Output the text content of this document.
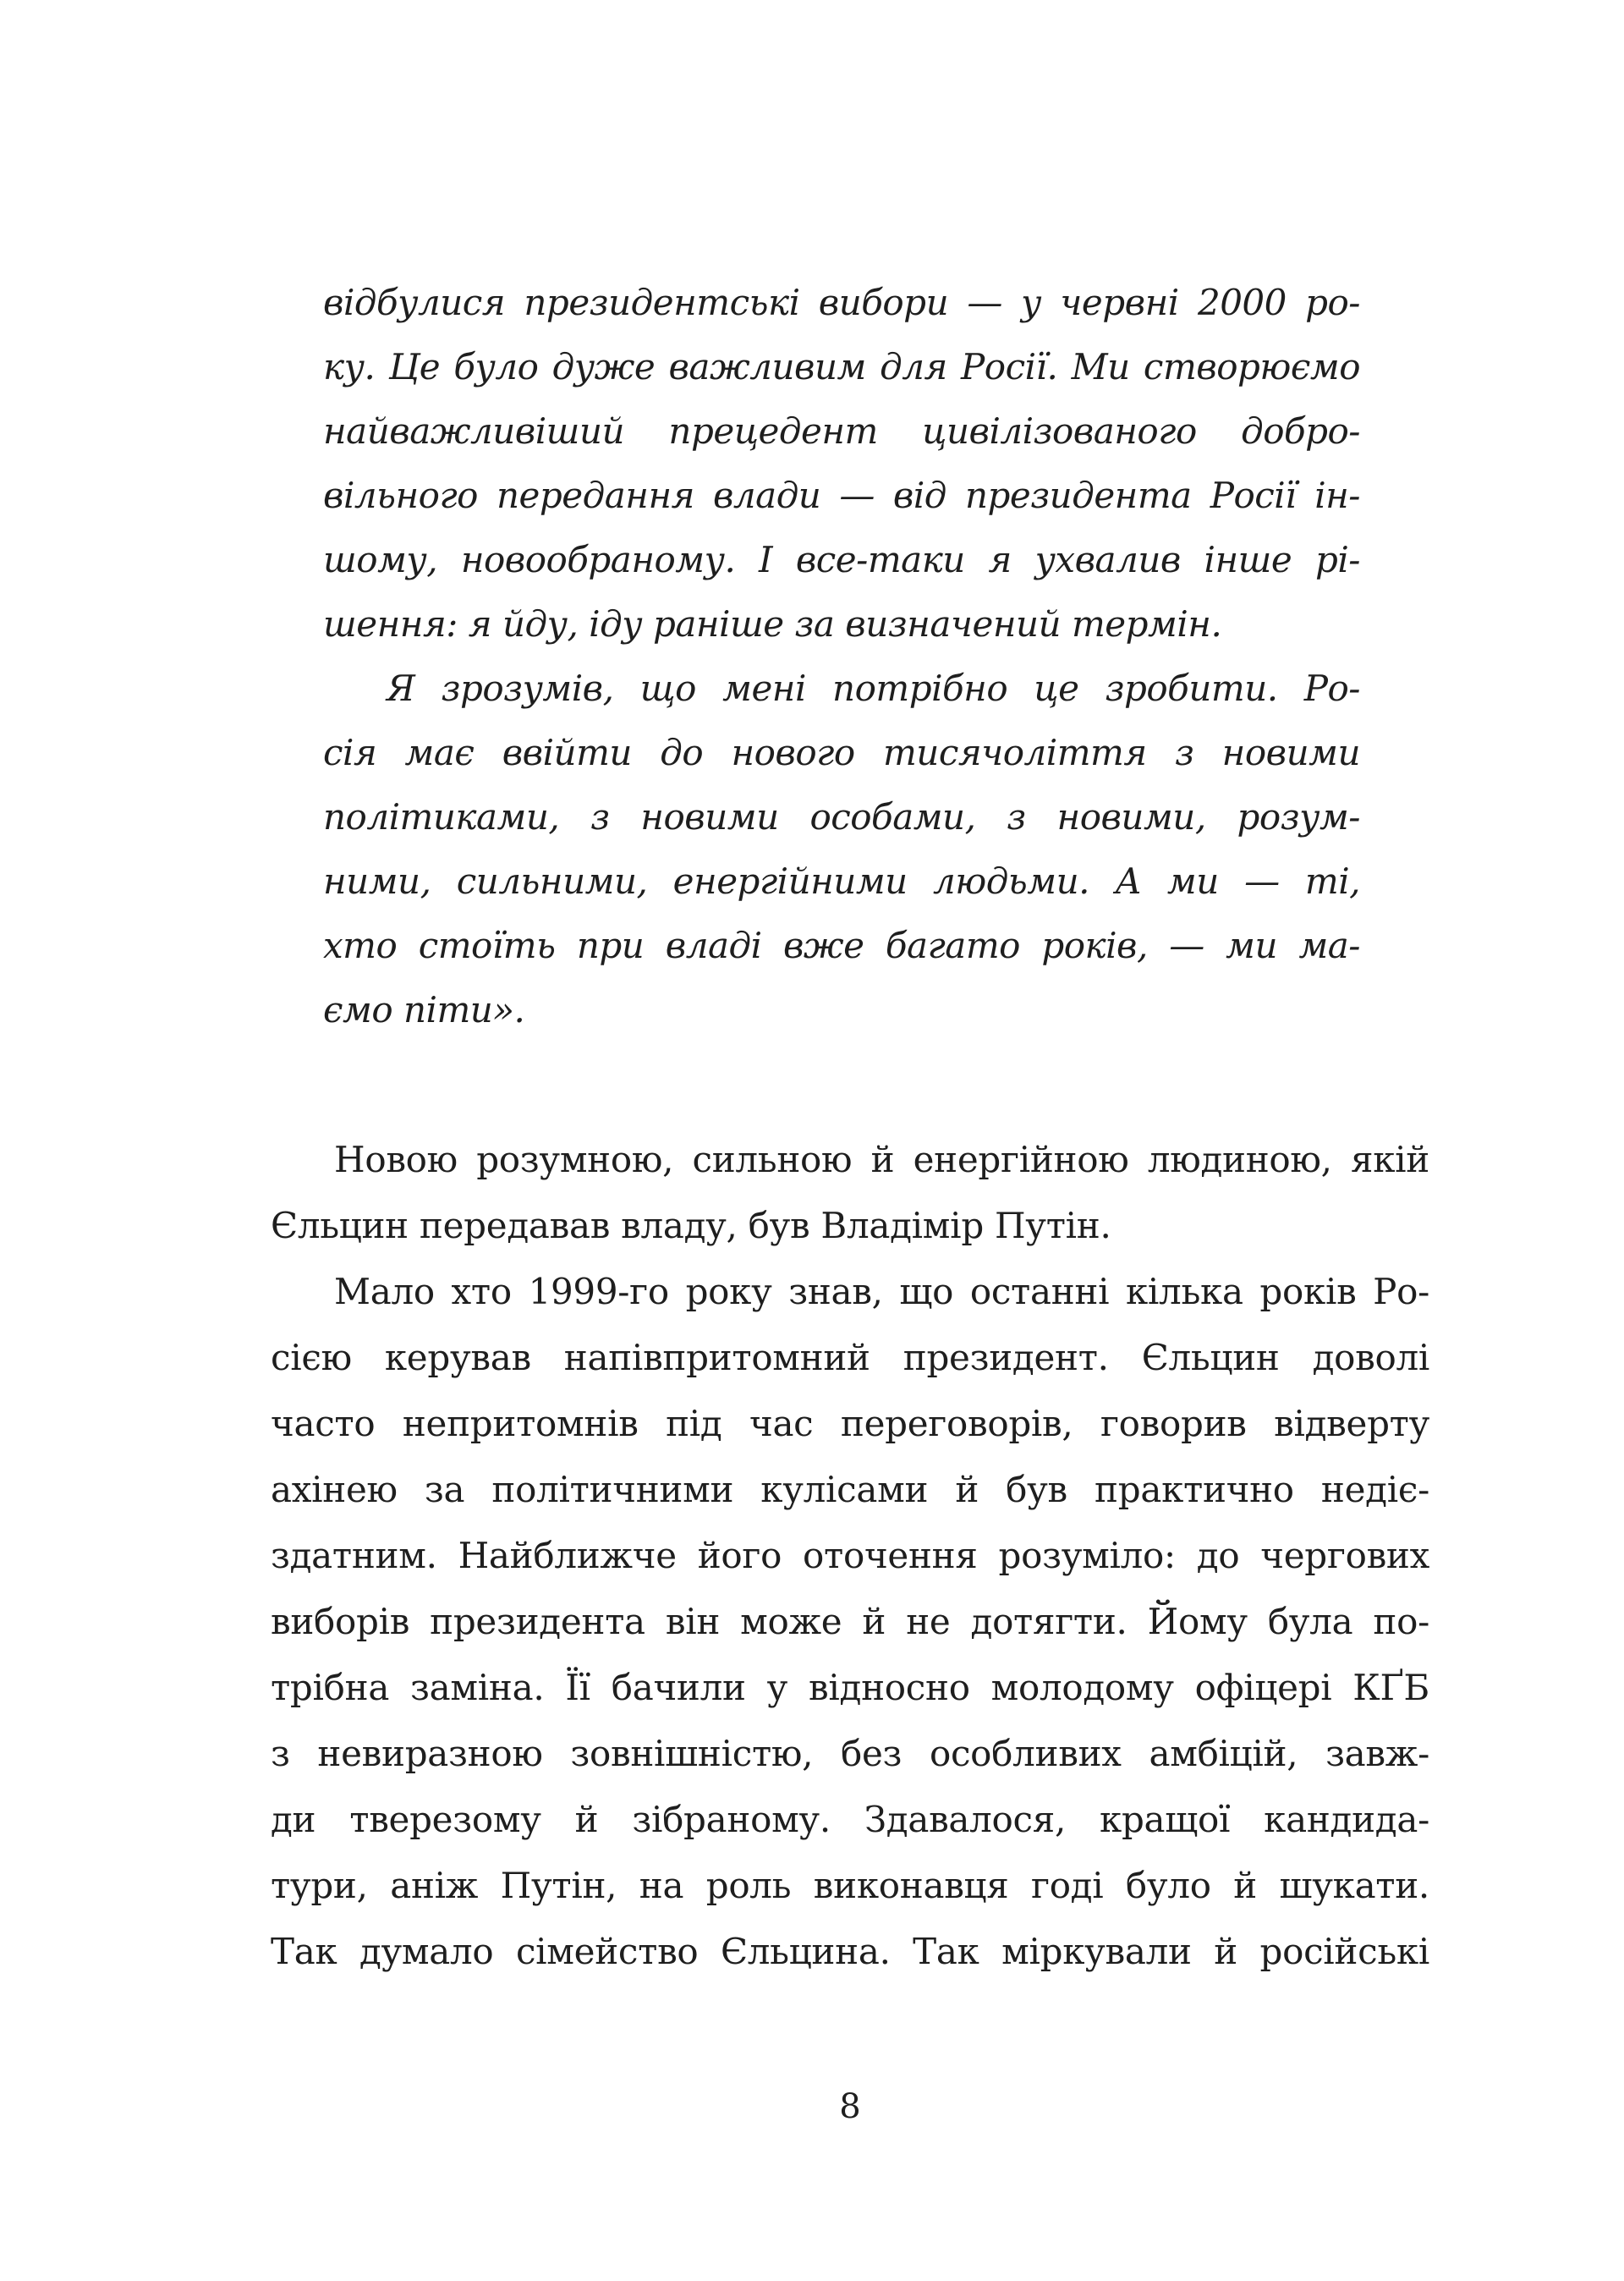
відбулися президентські вибори — у червні 2000 ро-
ку. Це було дуже важливим для Росії. Ми створюємо
найважливіший прецедент цивілізованого добро-
вільного передання влади — від президента Росії ін-
шому, новообраному. І все-таки я ухвалив інше рі-
шення: я йду, іду раніше за визначений термін.
Я зрозумів, що мені потрібно це зробити. Ро-
сія має ввійти до нового тисячоліття з новими
політиками, з новими особами, з новими, розум-
ними, сильними, енергійними людьми. А ми — ті,
хто стоїть при владі вже багато років, — ми ма-
ємо піти».
Новою розумною, сильною й енергійною людиною, якій
Єльцин передавав владу, був Владімір Путін.
Мало хто 1999-го року знав, що останні кілька років Ро-
сією керував напівпритомний президент. Єльцин доволі
часто непритомнів під час переговорів, говорив відверту
ахінею за політичними кулісами й був практично недіє-
здатним. Найближче його оточення розуміло: до чергових
виборів президента він може й не дотягти. Йому була по-
трібна заміна. Її бачили у відносно молодому офіцері КҐБ
з невиразною зовнішністю, без особливих амбіцій, завж-
ди тверезому й зібраному. Здавалося, кращої кандида-
тури, аніж Путін, на роль виконавця годі було й шукати.
Так думало сімейство Єльцина. Так міркували й російські
8
